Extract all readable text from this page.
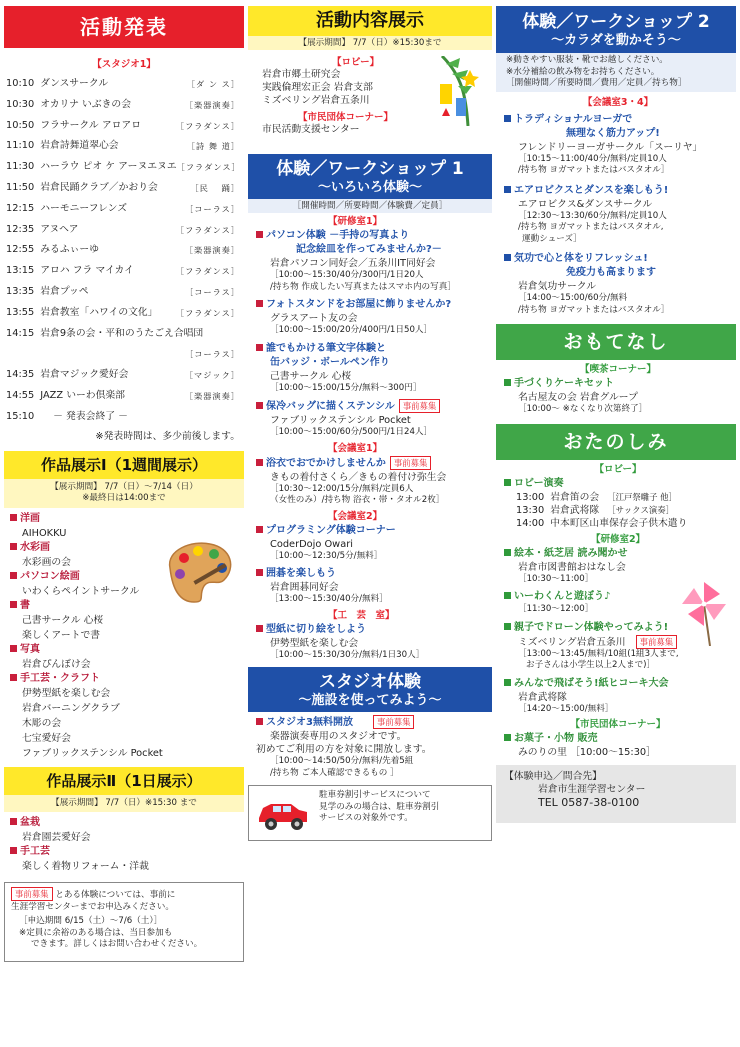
活動発表
【スタジオ1】
10:10 ダンスサークル	［ダ ン ス］
10:30 オカリナ いぶきの会	［楽器演奏］
10:50 フラサークル アロアロ	［フラダンス］
11:10 岩倉詩舞道翠心会	［詩 舞 道］
11:30 ハーラウ ピオ ケ アーヌエヌエ ［フラダンス］
11:50 岩倉民踊クラブ／かおり会	［民　 踊］
12:15 ハーモニーフレンズ	［コーラス］
12:35 アヌヘア	［フラダンス］
12:55 みるふぃーゆ	［楽器演奏］
13:15 アロハ フラ マイカイ	［フラダンス］
13:35 岩倉プッペ	［コーラス］
13:55 岩倉教室「ハワイの文化」 ［フラダンス］
14:15 岩倉9条の会・平和のうたごえ合唱団
［コーラス］
14:35 岩倉マジック愛好会	［マジック］
14:55 JAZZ いーわ倶楽部	［楽器演奏］
15:10　 － 発表会終了 －
※発表時間は、多少前後します。
作品展示Ⅰ（1週間展示）
【展示期間】 7/7（日）〜7/14（日）
※最終日は14:00まで
洋画
AIHOKKU
水彩画
水彩画の会
パソコン絵画
いわくらペイントサークル
書
己書サークル 心桜
楽しくアートで書
写真
岩倉ぴんぼけ会
手工芸・クラフト
伊勢型紙を楽しむ会
岩倉バーニングクラブ
木彫の会
七宝愛好会
ファブリックステンシル Pocket
作品展示Ⅱ（1日展示）
【展示期間】 7/7（日）※15:30 まで
盆栽
岩倉園芸愛好会
手工芸
楽しく着物リフォーム・洋裁
事前募集 とある体験については、事前に
生涯学習センターまでお申込みください。
［申込期間 6/15（土）〜7/6（土）］
※定員に余裕のある場合は、当日参加も
できます。詳しくはお問い合わせください。
活動内容展示
【展示期間】 7/7（日）※15:30まで
【ロビー】
岩倉市郷土研究会
実践倫理宏正会 岩倉支部
ミズベリング岩倉五条川
【市民団体コーナー】
市民活動支援センター
体験／ワークショップ 1
〜いろいろ体験〜
［開催時間／所要時間／体験費／定員］
【研修室1】
パソコン体験 －手持の写真より
記念絵皿を作ってみませんか?－
岩倉パソコン同好会／五条川IT同好会
［10:00〜15:30/40分/300円/1日20人
/持ち物 作成したい写真またはスマホ内の写真］
フォトスタンドをお部屋に飾りませんか?
グラスアート友の会
［10:00〜15:00/20分/400円/1日50人］
誰でもかける筆文字体験と
缶バッジ・ボールペン作り
己書サークル 心桜
［10:00〜15:00/15分/無料〜300円］
保冷バッグに描くステンシル 事前募集
ファブリックステンシル Pocket
［10:00〜15:00/60分/500円/1日24人］
【会議室1】
浴衣でおでかけしませんか 事前募集
きもの着付さくら／きもの着付け弥生会
［10:30〜12:00/15分/無料/定員6人
（女性のみ）/持ち物 浴衣・帯・タオル2枚］
【会議室2】
プログラミング体験コーナー
CoderDojo Owari
［10:00〜12:30/5分/無料］
囲碁を楽しもう
岩倉囲碁同好会
［13:00〜15:30/40分/無料］
【工　芸　室】
型紙に切り絵をしよう
伊勢型紙を楽しむ会
［10:00〜15:30/30分/無料/1日30人］
スタジオ体験
〜施設を使ってみよう〜
スタジオ3無料開放	事前募集
楽器演奏専用のスタジオです。
初めてご利用の方を対象に開放します。
［10:00〜14:50/50分/無料/先着5組
/持ち物 ご本人確認できるもの ］
駐車券割引サービスについて
見学のみの場合は、駐車券割引
サービスの対象外です。
体験／ワークショップ 2
〜カラダを動かそう〜
※動きやすい服装・靴でお越しください。
※水分補給の飲み物をお持ちください。
［開催時間／所要時間／費用／定員／持ち物］
【会議室3・4】
トラディショナルヨーガで
無理なく筋力アップ!
フレンドリーヨーガサークル「スーリヤ」
［10:15〜11:00/40分/無料/定員10人
/持ち物 ヨガマットまたはバスタオル］
エアロビクスとダンスを楽しもう!
エアロビクス&ダンスサークル
［12:30〜13:30/60分/無料/定員10人
/持ち物 ヨガマットまたはバスタオル,
運動シューズ］
気功で心と体をリフレッシュ!
免疫力も高まります
岩倉気功サークル
［14:00〜15:00/60分/無料
/持ち物 ヨガマットまたはバスタオル］
おもてなし
【喫茶コーナー】
手づくりケーキセット
名古屋友の会 岩倉グループ
［10:00〜 ※なくなり次第終了］
おたのしみ
【ロビー】
ロビー演奏
13:00 岩倉笛の会 ［江戸祭囃子 他］
13:30 岩倉武将隊 ［サックス演奏］
14:00 中本町区山車保存会子供木遣り
【研修室2】
絵本・紙芝居 読み聞かせ
岩倉市図書館おはなし会
［10:30〜11:00］
いーわくんと遊ぼう♪
［11:30〜12:00］
親子でドローン体験やってみよう!
ミズベリング岩倉五条川 事前募集
［13:00〜13:45/無料/10組(1組3人まで,
お子さんは小学生以上2人まで)］
みんなで飛ばそう!紙ヒコーキ大会
岩倉武将隊
［14:20〜15:00/無料］
【市民団体コーナー】
お菓子・小物 販売
みのりの里 ［10:00〜15:30］
【体験申込／問合先】
岩倉市生涯学習センター
TEL 0587-38-0100
